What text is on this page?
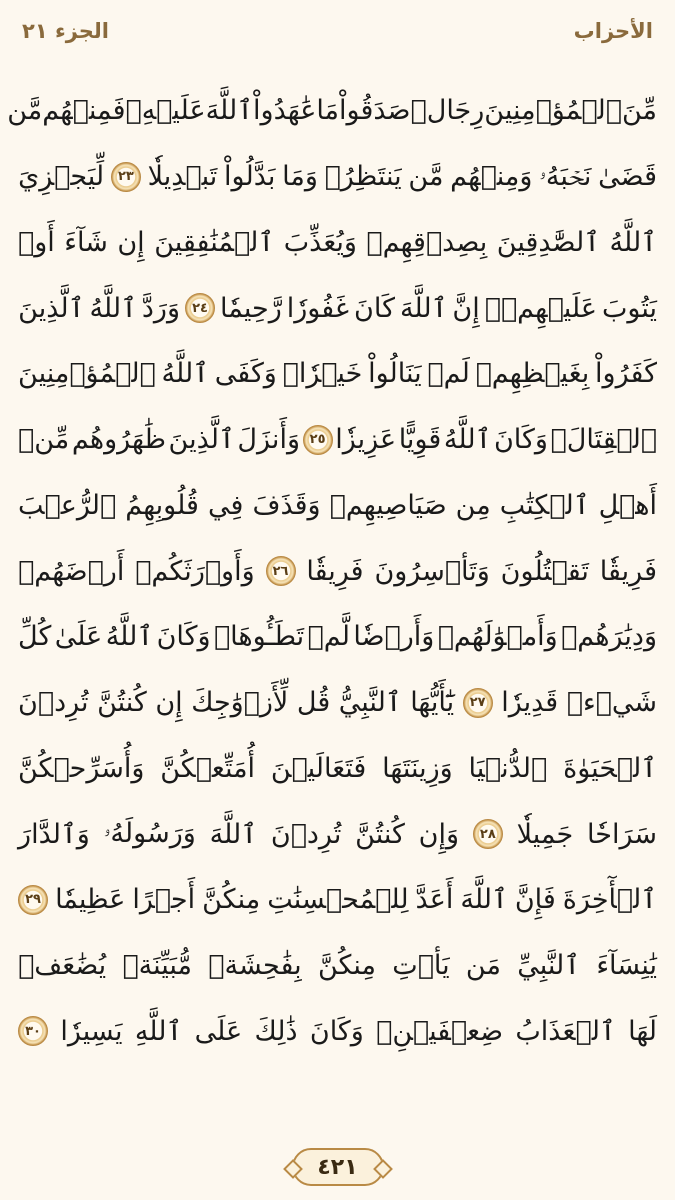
الجزء ٢١	الأحزاب
مِّنَ
ٱلۡمُؤۡمِنِينَ
رِجَالٞ
صَدَقُواْ
مَا
عَٰهَدُواْ
ٱللَّهَ
عَلَيۡهِۖ
فَمِنۡهُم
مَّن
قَضَىٰ
نَحۡبَهُۥ
وَمِنۡهُم
مَّن
يَنتَظِرُۖ
وَمَا
بَدَّلُواْ
تَبۡدِيلٗا
٢٣
لِّيَجۡزِيَ
ٱللَّهُ
ٱلصَّٰدِقِينَ
بِصِدۡقِهِمۡ
وَيُعَذِّبَ
ٱلۡمُنَٰفِقِينَ
إِن
شَآءَ
أَوۡ
يَتُوبَ
عَلَيۡهِمۡۚ
إِنَّ
ٱللَّهَ
كَانَ
غَفُورٗا
رَّحِيمٗا
٢٤
وَرَدَّ
ٱللَّهُ
ٱلَّذِينَ
كَفَرُواْ
بِغَيۡظِهِمۡ
لَمۡ
يَنَالُواْ
خَيۡرٗاۚ
وَكَفَى
ٱللَّهُ
ٱلۡمُؤۡمِنِينَ
ٱلۡقِتَالَۚ
وَكَانَ
ٱللَّهُ
قَوِيًّا
عَزِيزٗا
٢٥
وَأَنزَلَ
ٱلَّذِينَ
ظَٰهَرُوهُم
مِّنۡ
أَهۡلِ
ٱلۡكِتَٰبِ
مِن
صَيَاصِيهِمۡ
وَقَذَفَ
فِي
قُلُوبِهِمُ
ٱلرُّعۡبَ
فَرِيقٗا
تَقۡتُلُونَ
وَتَأۡسِرُونَ
فَرِيقٗا
٢٦
وَأَوۡرَثَكُمۡ
أَرۡضَهُمۡ
وَدِيَٰرَهُمۡ
وَأَمۡوَٰلَهُمۡ
وَأَرۡضٗا
لَّمۡ
تَطَـُٔوهَاۚ
وَكَانَ
ٱللَّهُ
عَلَىٰ
كُلِّ
شَيۡءٖ
قَدِيرٗا
٢٧
يَٰٓأَيُّهَا
ٱلنَّبِيُّ
قُل
لِّأَزۡوَٰجِكَ
إِن
كُنتُنَّ
تُرِدۡنَ
ٱلۡحَيَوٰةَ
ٱلدُّنۡيَا
وَزِينَتَهَا
فَتَعَالَيۡنَ
أُمَتِّعۡكُنَّ
وَأُسَرِّحۡكُنَّ
سَرَاحٗا
جَمِيلٗا
٢٨
وَإِن
كُنتُنَّ
تُرِدۡنَ
ٱللَّهَ
وَرَسُولَهُۥ
وَٱلدَّارَ
ٱلۡأٓخِرَةَ
فَإِنَّ
ٱللَّهَ
أَعَدَّ
لِلۡمُحۡسِنَٰتِ
مِنكُنَّ
أَجۡرًا
عَظِيمٗا
٢٩
يَٰنِسَآءَ
ٱلنَّبِيِّ
مَن
يَأۡتِ
مِنكُنَّ
بِفَٰحِشَةٖ
مُّبَيِّنَةٖ
يُضَٰعَفۡ
لَهَا
ٱلۡعَذَابُ
ضِعۡفَيۡنِۚ
وَكَانَ
ذَٰلِكَ
عَلَى
ٱللَّهِ
يَسِيرٗا
٣٠
٤٢١
